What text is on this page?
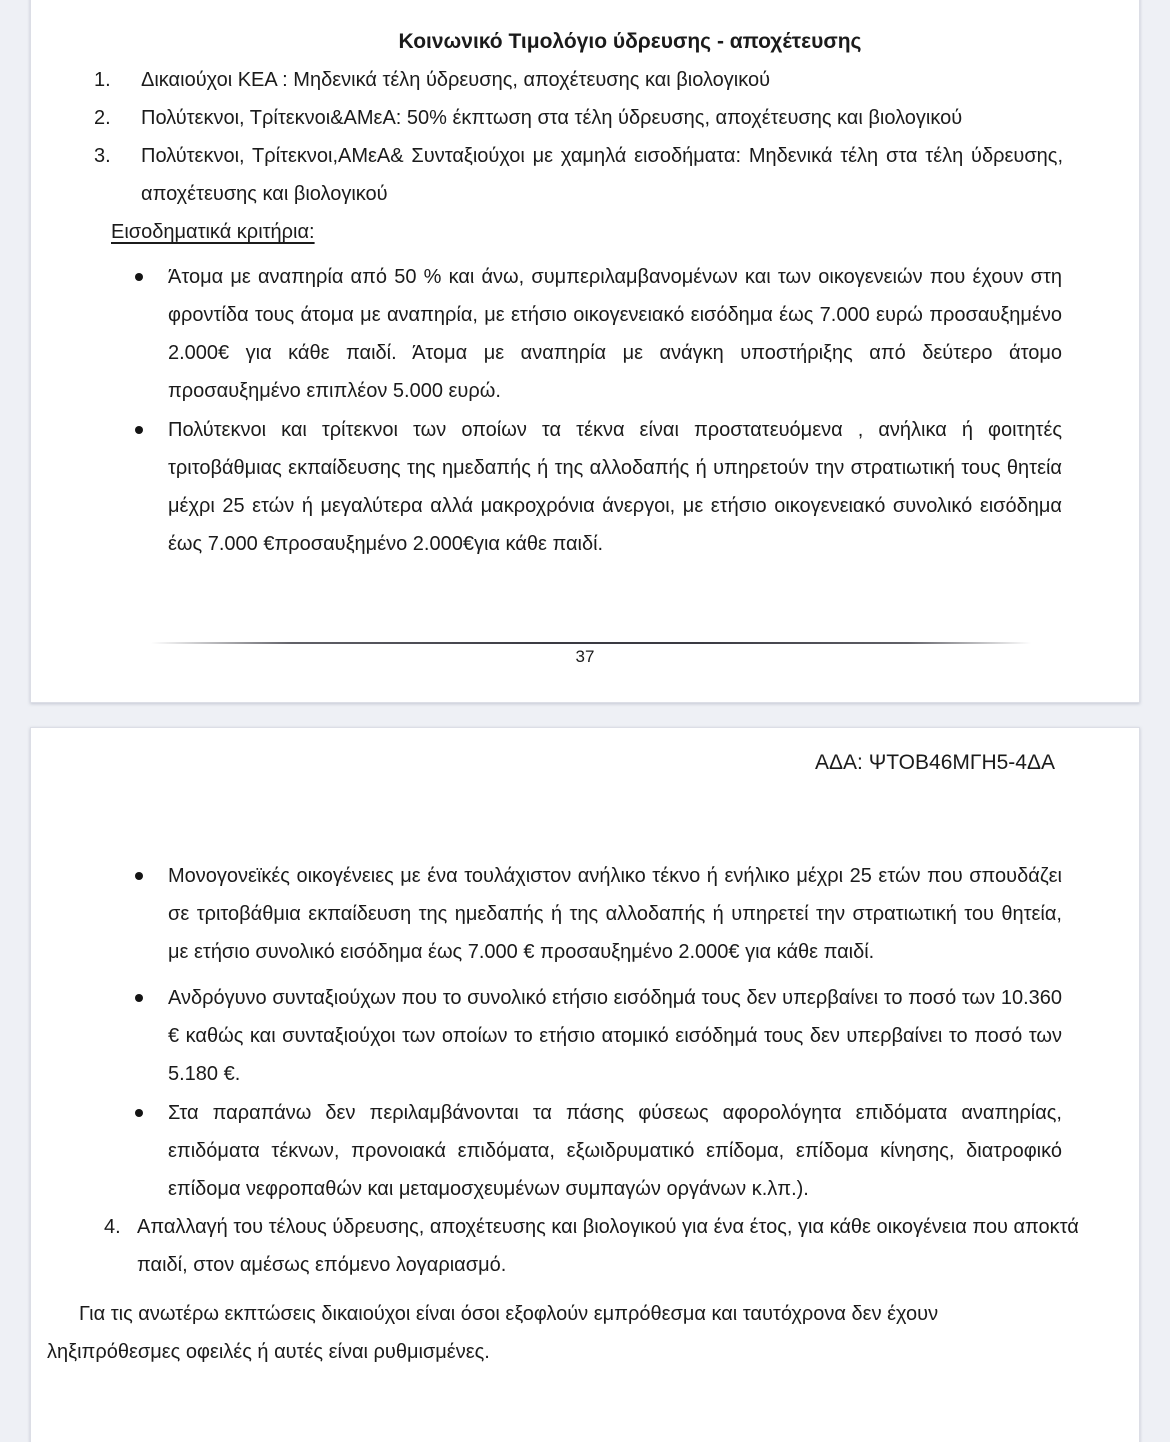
Κοινωνικό Τιμολόγιο ύδρευσης - αποχέτευσης
1. Δικαιούχοι ΚΕΑ : Μηδενικά τέλη ύδρευσης, αποχέτευσης και βιολογικού
2. Πολύτεκνοι, Τρίτεκνοι&ΑΜεΑ: 50% έκπτωση στα τέλη ύδρευσης, αποχέτευσης και βιολογικού
3. Πολύτεκνοι, Τρίτεκνοι,ΑΜεΑ& Συνταξιούχοι με χαμηλά εισοδήματα: Μηδενικά τέλη στα τέλη ύδρευσης, αποχέτευσης και βιολογικού
Εισοδηματικά κριτήρια:
Άτομα με αναπηρία από 50 % και άνω, συμπεριλαμβανομένων και των οικογενειών που έχουν στη φροντίδα τους άτομα με αναπηρία, με ετήσιο οικογενειακό εισόδημα έως 7.000 ευρώ προσαυξημένο 2.000€ για κάθε παιδί. Άτομα με αναπηρία με ανάγκη υποστήριξης από δεύτερο άτομο προσαυξημένο επιπλέον 5.000 ευρώ.
Πολύτεκνοι και τρίτεκνοι των οποίων τα τέκνα είναι προστατευόμενα , ανήλικα ή φοιτητές τριτοβάθμιας εκπαίδευσης της ημεδαπής ή της αλλοδαπής ή υπηρετούν την στρατιωτική τους θητεία μέχρι 25 ετών ή μεγαλύτερα αλλά μακροχρόνια άνεργοι, με ετήσιο οικογενειακό συνολικό εισόδημα έως 7.000 €προσαυξημένο 2.000€για κάθε παιδί.
37
ΑΔΑ: ΨΤΟΒ46ΜΓΗ5-4ΔΑ
Μονογονεϊκές οικογένειες με ένα τουλάχιστον ανήλικο τέκνο ή ενήλικο μέχρι 25 ετών που σπουδάζει σε τριτοβάθμια εκπαίδευση της ημεδαπής ή της αλλοδαπής ή υπηρετεί την στρατιωτική του θητεία, με ετήσιο συνολικό εισόδημα έως 7.000 € προσαυξημένο 2.000€ για κάθε παιδί.
Ανδρόγυνο συνταξιούχων που το συνολικό ετήσιο εισόδημά τους δεν υπερβαίνει το ποσό των 10.360 € καθώς και συνταξιούχοι των οποίων το ετήσιο ατομικό εισόδημά τους δεν υπερβαίνει το ποσό των 5.180 €.
Στα παραπάνω δεν περιλαμβάνονται τα πάσης φύσεως αφορολόγητα επιδόματα αναπηρίας, επιδόματα τέκνων, προνοιακά επιδόματα, εξωιδρυματικό επίδομα, επίδομα κίνησης, διατροφικό επίδομα νεφροπαθών και μεταμοσχευμένων συμπαγών οργάνων κ.λπ.).
4. Απαλλαγή του τέλους ύδρευσης, αποχέτευσης και βιολογικού για ένα έτος, για κάθε οικογένεια που αποκτά παιδί, στον αμέσως επόμενο λογαριασμό.
Για τις ανωτέρω εκπτώσεις δικαιούχοι είναι όσοι εξοφλούν εμπρόθεσμα και ταυτόχρονα δεν έχουν ληξιπρόθεσμες οφειλές ή αυτές είναι ρυθμισμένες.
